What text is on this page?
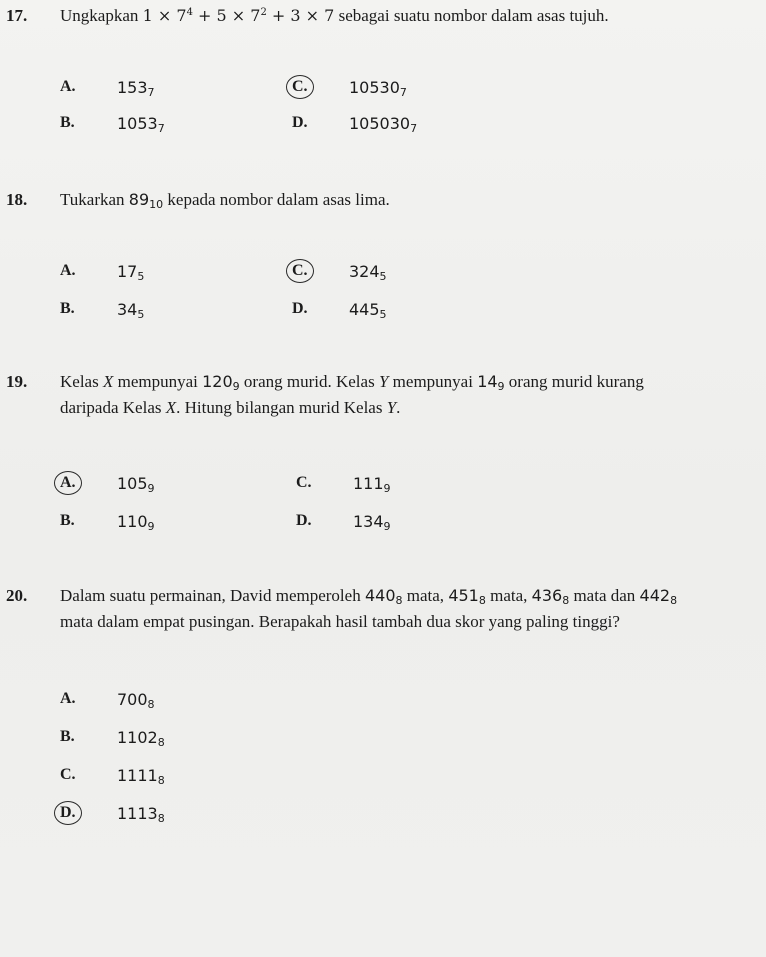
17. Ungkapkan $1 \times 7^4 + 5 \times 7^2 + 3 \times 7$ sebagai suatu nombor dalam asas tujuh.
A.	$153_7$	C.	$10530_7$
B.	$1053_7$	D.	$105030_7$
18. Tukarkan $89_{10}$ kepada nombor dalam asas lima.
A.	$17_5$	C.	$324_5$
B.	$34_5$	D.	$445_5$
19. Kelas X mempunyai $120_9$ orang murid. Kelas Y mempunyai $14_9$ orang murid kurang
daripada Kelas X. Hitung bilangan murid Kelas Y.
A.	$105_9$	C.	$111_9$
B.	$110_9$	D.	$134_9$
20. Dalam suatu permainan, David memperoleh $440_8$ mata, $451_8$ mata, $436_8$ mata dan $442_8$
mata dalam empat pusingan. Berapakah hasil tambah dua skor yang paling tinggi?
A.	$700_8$
B.	$1102_8$
C.	$1111_8$
D.	$1113_8$
